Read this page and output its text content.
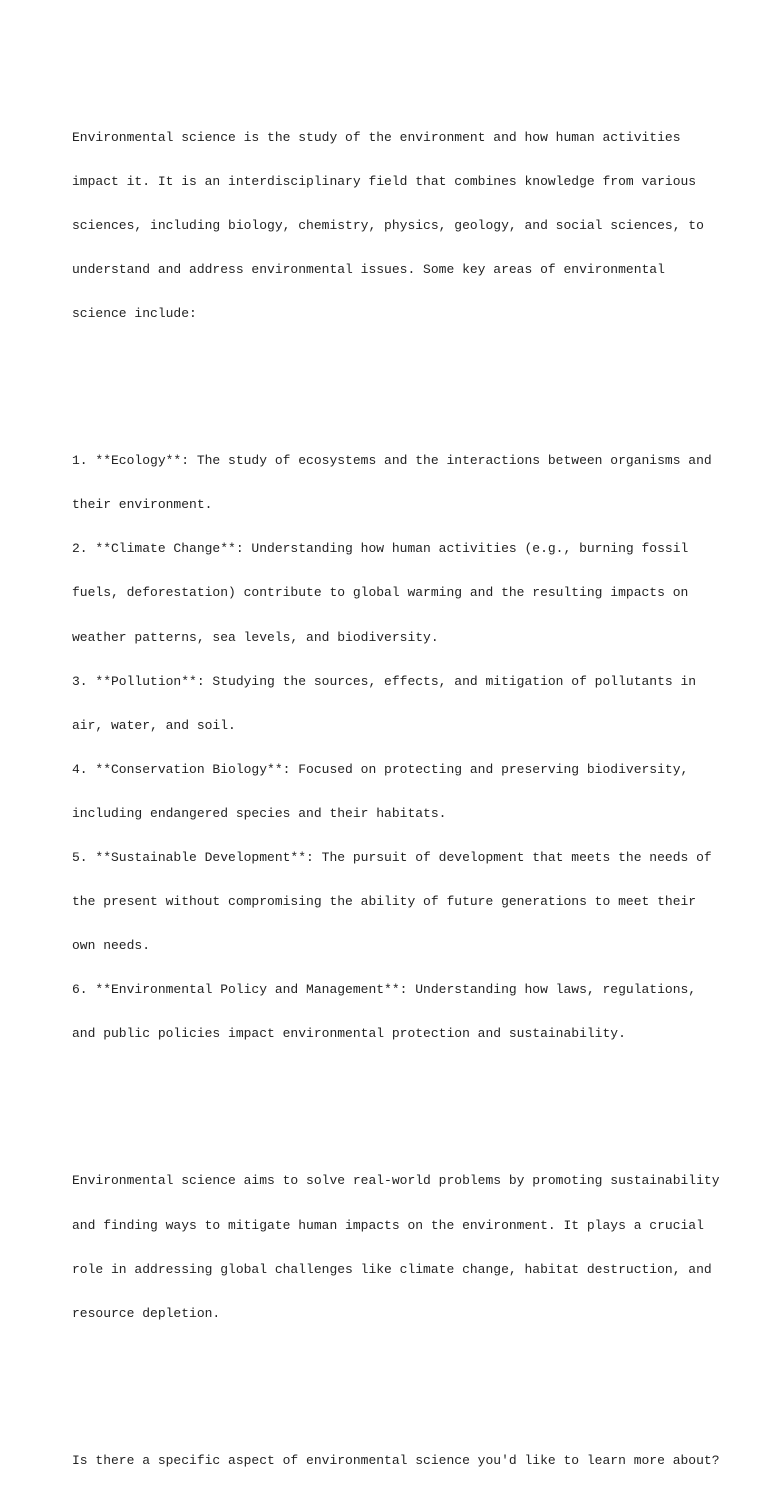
Environmental science is the study of the environment and how human activities

impact it. It is an interdisciplinary field that combines knowledge from various

sciences, including biology, chemistry, physics, geology, and social sciences, to

understand and address environmental issues. Some key areas of environmental

science include:

1. **Ecology**: The study of ecosystems and the interactions between organisms and

their environment.

2. **Climate Change**: Understanding how human activities (e.g., burning fossil

fuels, deforestation) contribute to global warming and the resulting impacts on

weather patterns, sea levels, and biodiversity.

3. **Pollution**: Studying the sources, effects, and mitigation of pollutants in

air, water, and soil.

4. **Conservation Biology**: Focused on protecting and preserving biodiversity,

including endangered species and their habitats.

5. **Sustainable Development**: The pursuit of development that meets the needs of

the present without compromising the ability of future generations to meet their

own needs.

6. **Environmental Policy and Management**: Understanding how laws, regulations,

and public policies impact environmental protection and sustainability.

Environmental science aims to solve real-world problems by promoting sustainability

and finding ways to mitigate human impacts on the environment. It plays a crucial

role in addressing global challenges like climate change, habitat destruction, and

resource depletion.

Is there a specific aspect of environmental science you'd like to learn more about?
